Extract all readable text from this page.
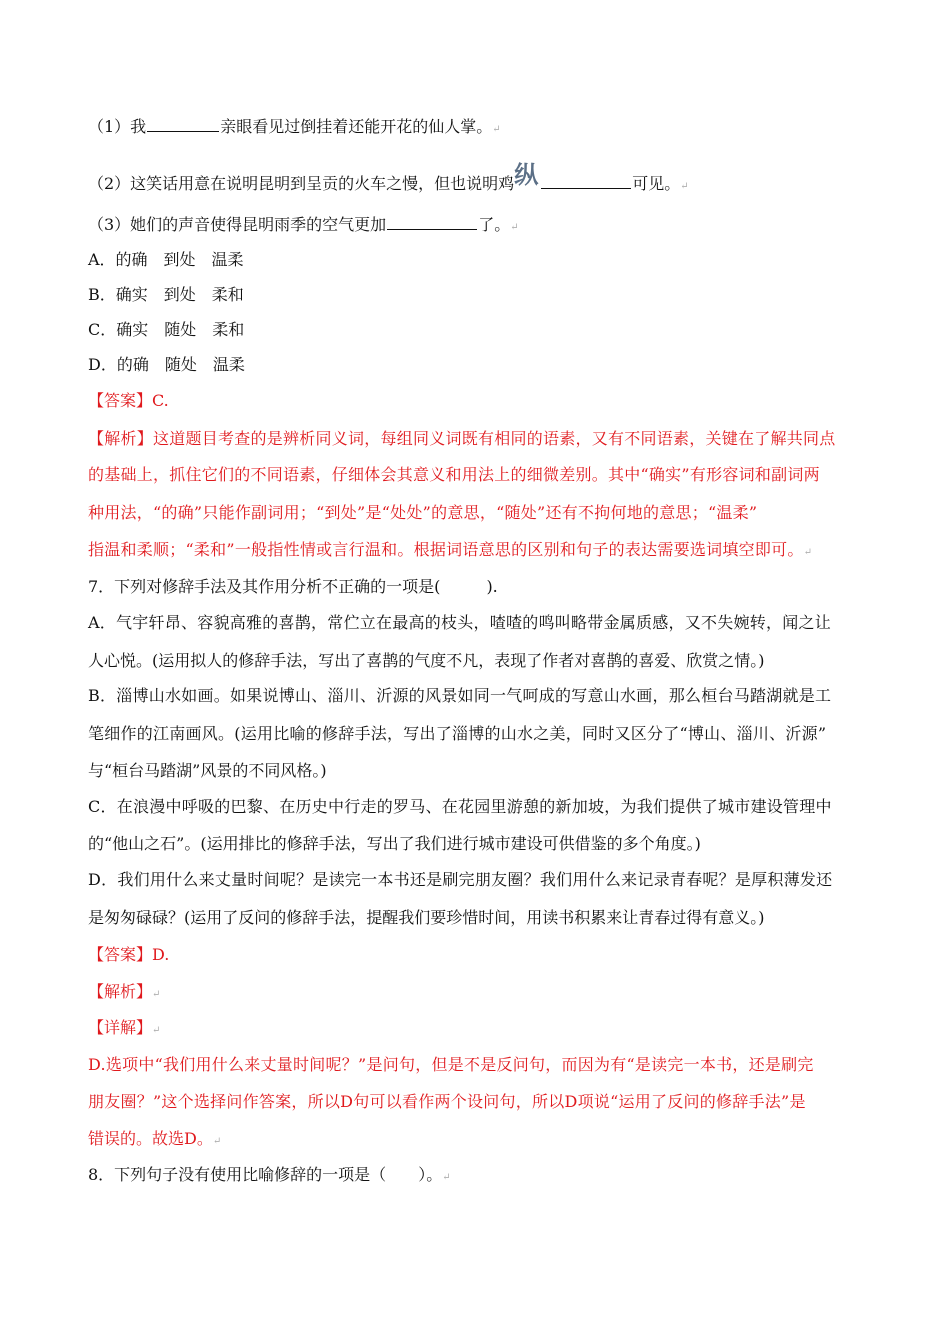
（1）我	亲眼看见过倒挂着还能开花的仙人掌。↵
（2）这笑话用意在说明昆明到呈贡的火车之慢，但也说明鸡纵	可见。↵
（3）她们的声音使得昆明雨季的空气更加	了。↵
A．的确　到处　温柔
B．确实　到处　柔和
C．确实　随处　柔和
D．的确　随处　温柔
【答案】C.
【解析】这道题目考查的是辨析同义词，每组同义词既有相同的语素，又有不同语素，关键在了解共同点
的基础上，抓住它们的不同语素，仔细体会其意义和用法上的细微差别。其中“确实”有形容词和副词两
种用法，“的确”只能作副词用；“到处”是“处处”的意思，“随处”还有不拘何地的意思；“温柔”
指温和柔顺；“柔和”一般指性情或言行温和。根据词语意思的区别和句子的表达需要选词填空即可。↵
7．下列对修辞手法及其作用分析不正确的一项是(	).
A．气宇轩昂、容貌高雅的喜鹊，常伫立在最高的枝头，喳喳的鸣叫略带金属质感，又不失婉转，闻之让
人心悦。(运用拟人的修辞手法，写出了喜鹊的气度不凡，表现了作者对喜鹊的喜爱、欣赏之情。)
B．淄博山水如画。如果说博山、淄川、沂源的风景如同一气呵成的写意山水画，那么桓台马踏湖就是工
笔细作的江南画风。(运用比喻的修辞手法，写出了淄博的山水之美，同时又区分了“博山、淄川、沂源”
与“桓台马踏湖”风景的不同风格。)
C．在浪漫中呼吸的巴黎、在历史中行走的罗马、在花园里游憩的新加坡，为我们提供了城市建设管理中
的“他山之石”。(运用排比的修辞手法，写出了我们进行城市建设可供借鉴的多个角度。)
D．我们用什么来丈量时间呢？是读完一本书还是刷完朋友圈？我们用什么来记录青春呢？是厚积薄发还
是匆匆碌碌？(运用了反问的修辞手法，提醒我们要珍惜时间，用读书积累来让青春过得有意义。)
【答案】D.
【解析】↵
【详解】↵
D.选项中“我们用什么来丈量时间呢？”是问句，但是不是反问句，而因为有“是读完一本书，还是刷完
朋友圈？”这个选择问作答案，所以D句可以看作两个设问句，所以D项说“运用了反问的修辞手法”是
错误的。故选D。↵
8．下列句子没有使用比喻修辞的一项是（ ）。↵
